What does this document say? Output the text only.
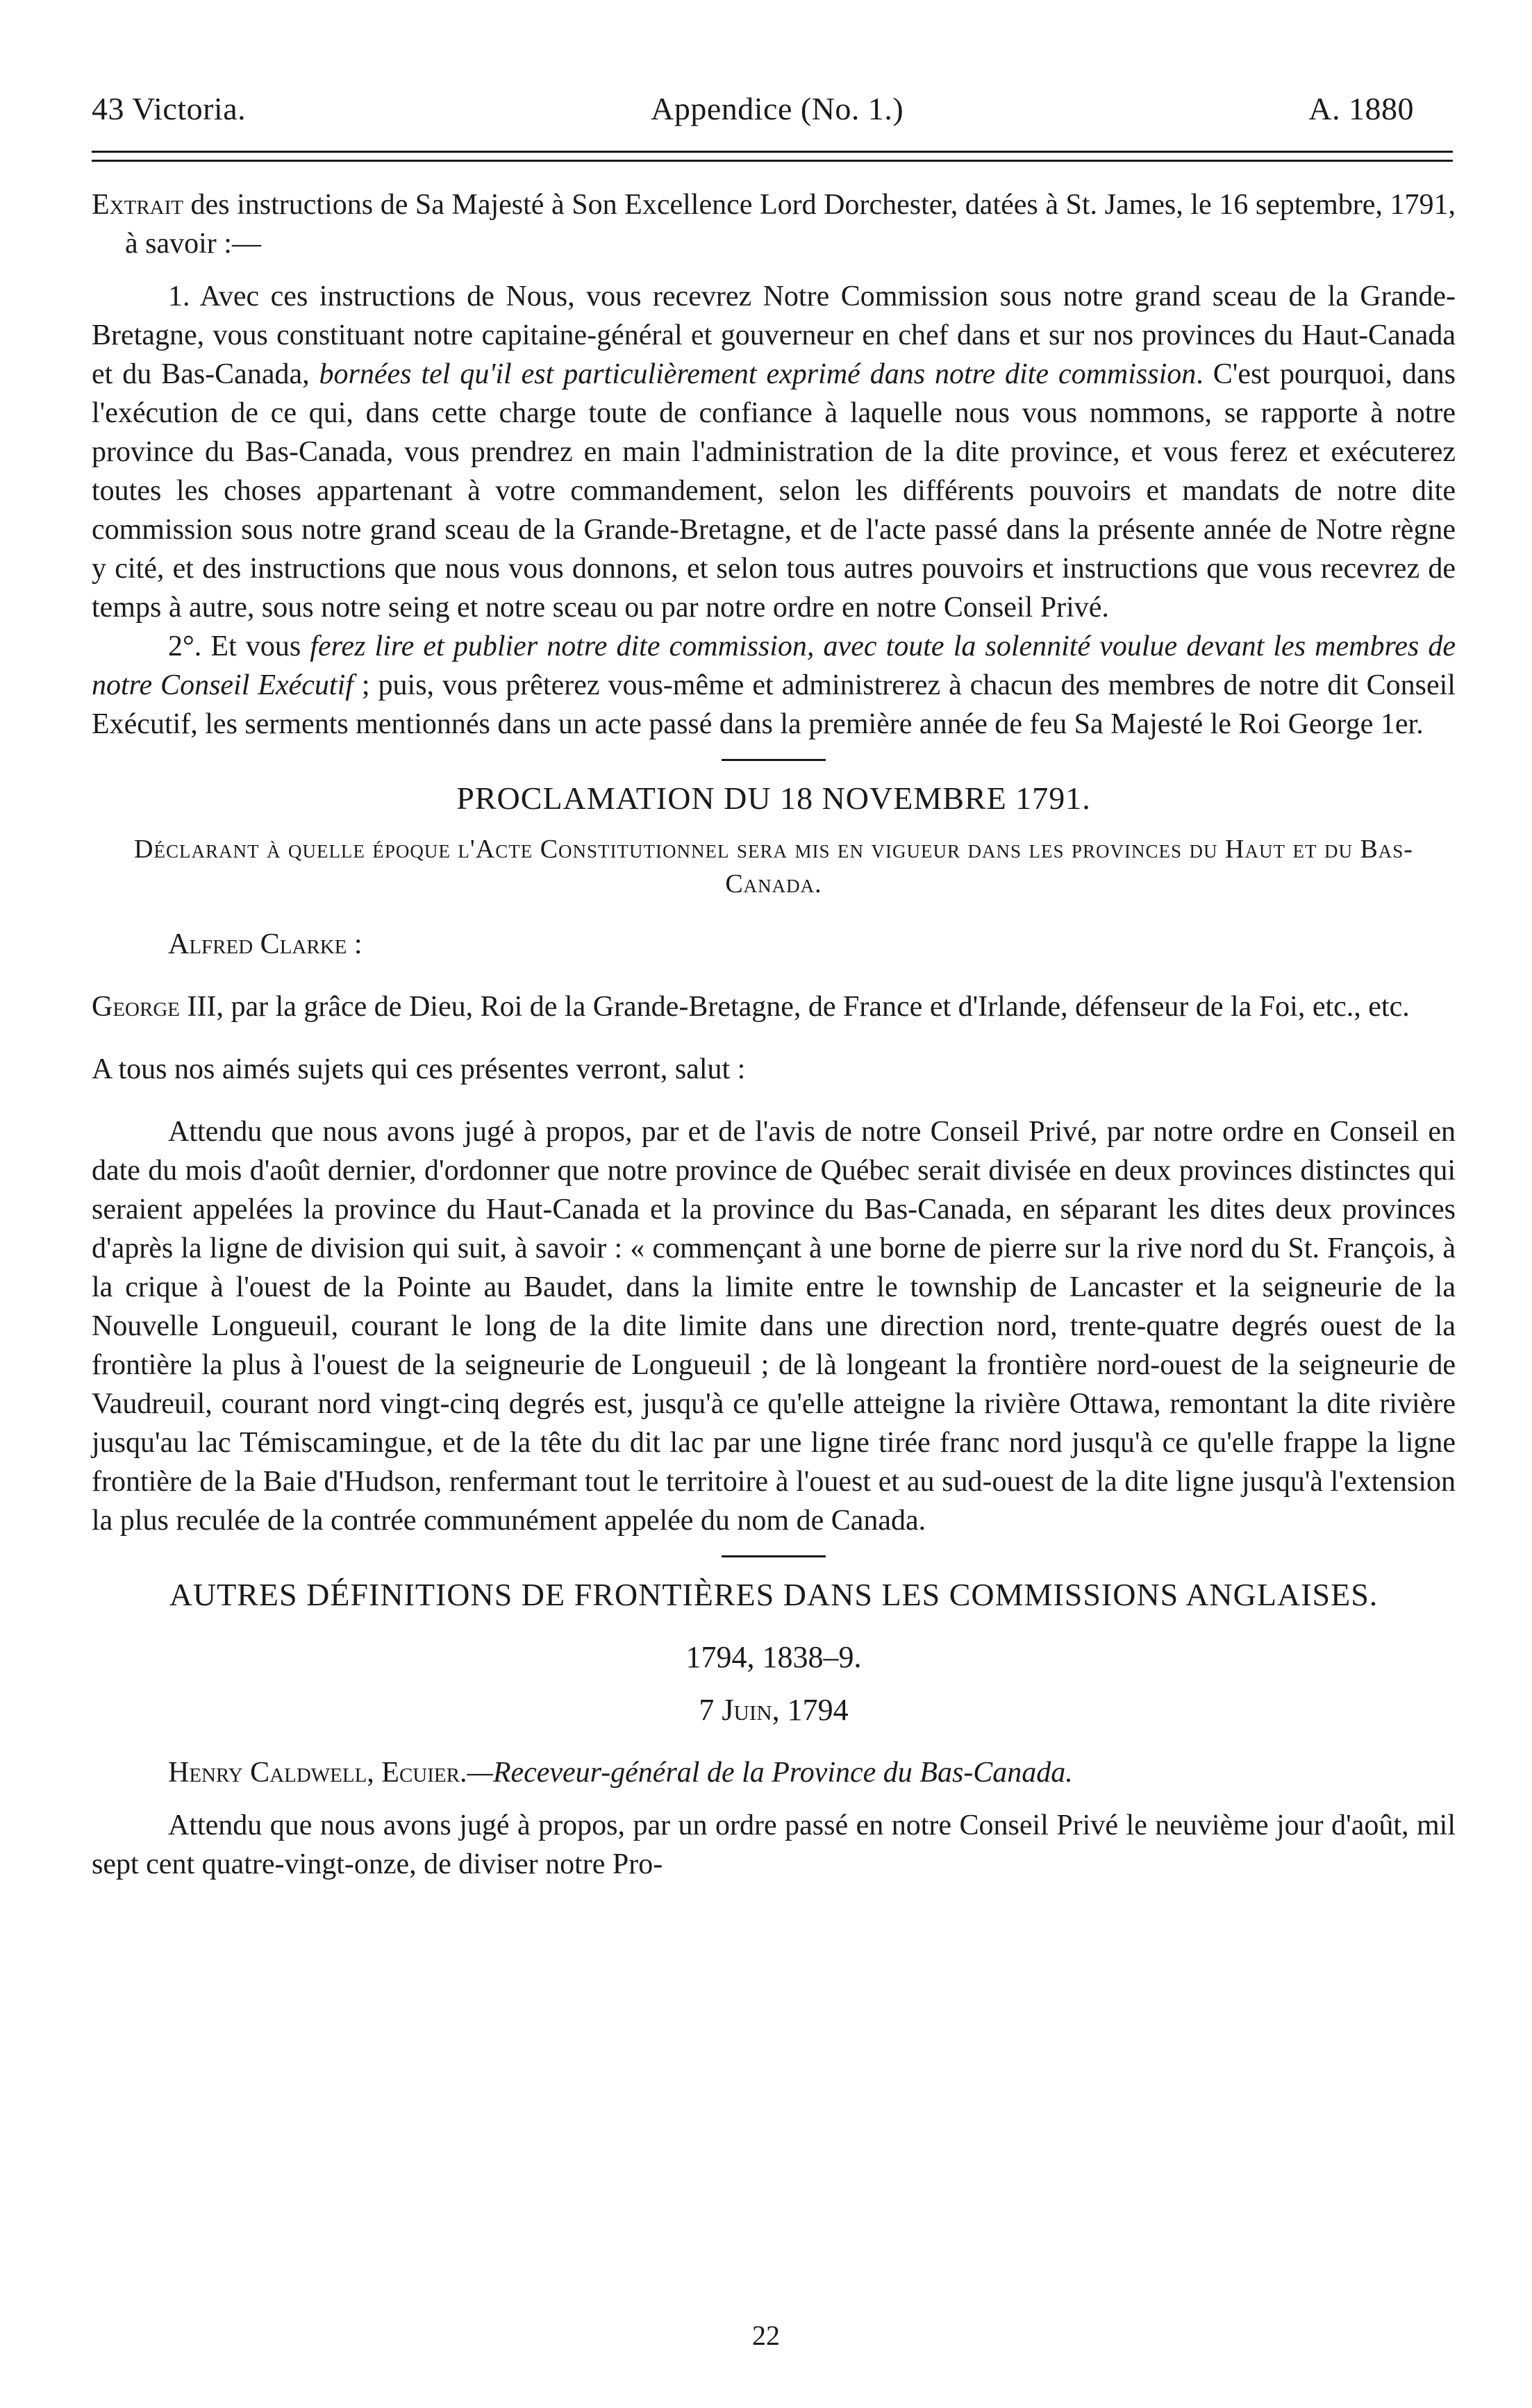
43 Victoria.	Appendice (No. 1.)	A. 1880

Extrait des instructions de Sa Majesté à Son Excellence Lord Dorchester, datées à St. James, le 16 septembre, 1791, à savoir :—

1. Avec ces instructions de Nous, vous recevrez Notre Commission sous notre grand sceau de la Grande-Bretagne, vous constituant notre capitaine-général et gouverneur en chef dans et sur nos provinces du Haut-Canada et du Bas-Canada, bornées tel qu'il est particulièrement exprimé dans notre dite commission. C'est pourquoi, dans l'exécution de ce qui, dans cette charge toute de confiance à laquelle nous vous nommons, se rapporte à notre province du Bas-Canada, vous prendrez en main l'administration de la dite province, et vous ferez et exécuterez toutes les choses appartenant à votre commandement, selon les différents pouvoirs et mandats de notre dite commission sous notre grand sceau de la Grande-Bretagne, et de l'acte passé dans la présente année de Notre règne y cité, et des instructions que nous vous donnons, et selon tous autres pouvoirs et instructions que vous recevrez de temps à autre, sous notre seing et notre sceau ou par notre ordre en notre Conseil Privé.

2°. Et vous ferez lire et publier notre dite commission, avec toute la solennité voulue devant les membres de notre Conseil Exécutif ; puis, vous prêterez vous-même et administrerez à chacun des membres de notre dit Conseil Exécutif, les serments mentionnés dans un acte passé dans la première année de feu Sa Majesté le Roi George 1er.

PROCLAMATION DU 18 NOVEMBRE 1791.
Déclarant à quelle époque l'Acte Constitutionnel sera mis en vigueur dans les provinces du Haut et du Bas-Canada.

Alfred Clarke :

George III, par la grâce de Dieu, Roi de la Grande-Bretagne, de France et d'Irlande, défenseur de la Foi, etc., etc.

A tous nos aimés sujets qui ces présentes verront, salut :

Attendu que nous avons jugé à propos, par et de l'avis de notre Conseil Privé, par notre ordre en Conseil en date du mois d'août dernier, d'ordonner que notre province de Québec serait divisée en deux provinces distinctes qui seraient appelées la province du Haut-Canada et la province du Bas-Canada, en séparant les dites deux provinces d'après la ligne de division qui suit, à savoir : « commençant à une borne de pierre sur la rive nord du St. François, à la crique à l'ouest de la Pointe au Baudet, dans la limite entre le township de Lancaster et la seigneurie de la Nouvelle Longueuil, courant le long de la dite limite dans une direction nord, trente-quatre degrés ouest de la frontière la plus à l'ouest de la seigneurie de Longueuil ; de là longeant la frontière nord-ouest de la seigneurie de Vaudreuil, courant nord vingt-cinq degrés est, jusqu'à ce qu'elle atteigne la rivière Ottawa, remontant la dite rivière jusqu'au lac Témiscamingue, et de la tête du dit lac par une ligne tirée franc nord jusqu'à ce qu'elle frappe la ligne frontière de la Baie d'Hudson, renfermant tout le territoire à l'ouest et au sud-ouest de la dite ligne jusqu'à l'extension la plus reculée de la contrée communément appelée du nom de Canada.

AUTRES DÉFINITIONS DE FRONTIÈRES DANS LES COMMISSIONS ANGLAISES.
1794, 1838–9.
7 Juin, 1794

Henry Caldwell, Ecuier.—Receveur-général de la Province du Bas-Canada.

Attendu que nous avons jugé à propos, par un ordre passé en notre Conseil Privé le neuvième jour d'août, mil sept cent quatre-vingt-onze, de diviser notre Pro-

22
